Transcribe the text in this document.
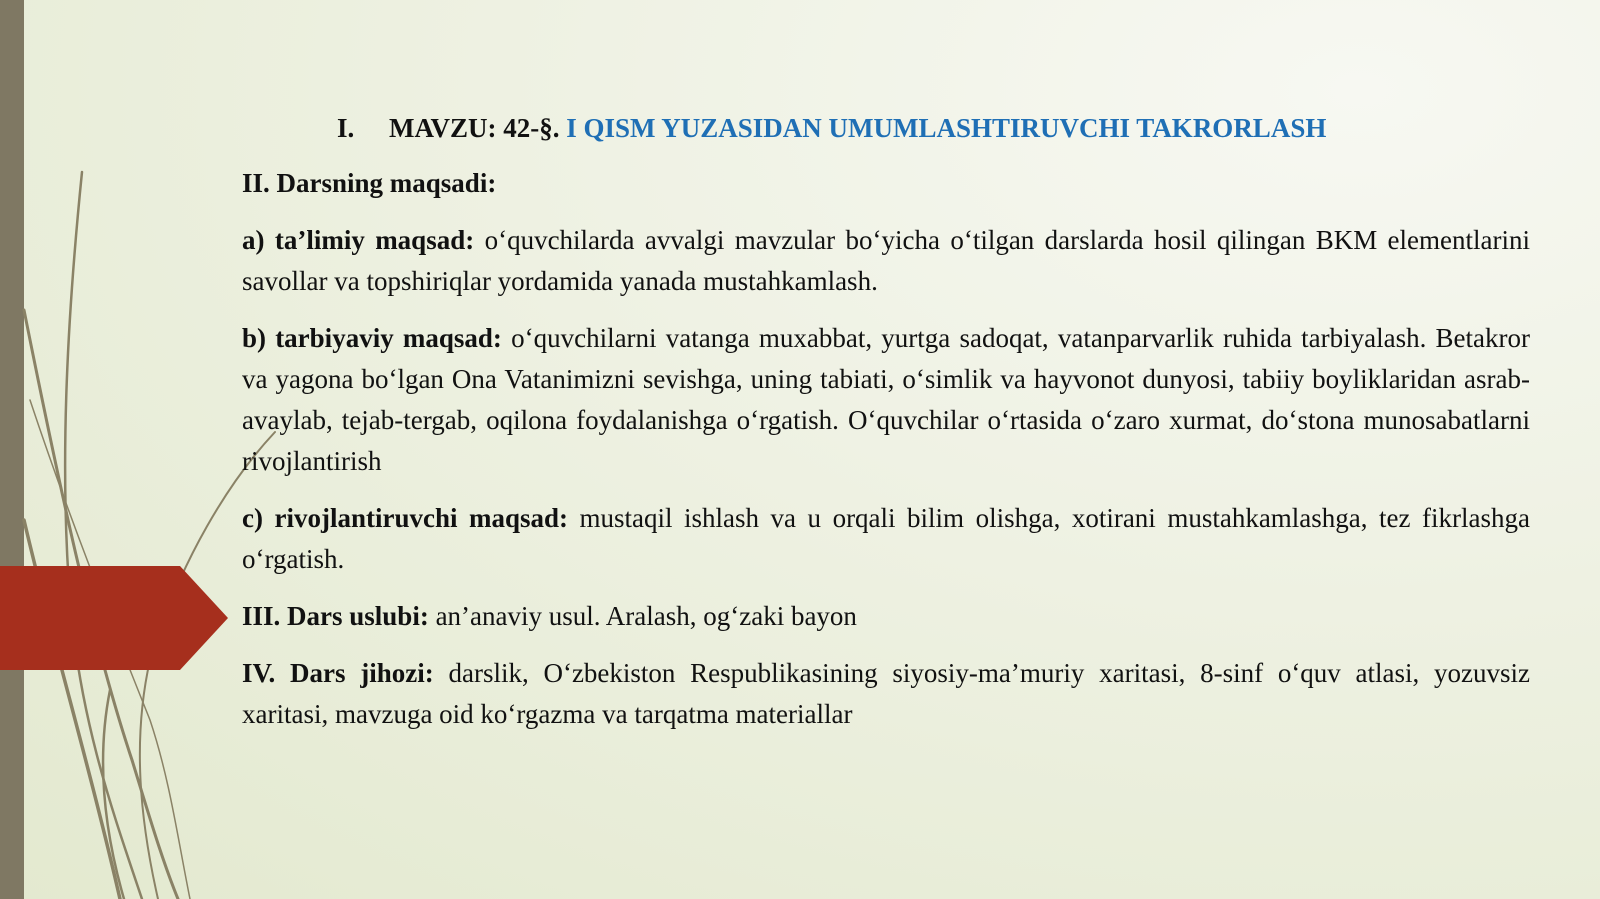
I. MAVZU: 42-§. I QISM YUZASIDAN UMUMLASHTIRUVCHI TAKRORLASH

II. Darsning maqsadi:

a) ta’limiy maqsad: o‘quvchilarda avvalgi mavzular bo‘yicha o‘tilgan darslarda hosil qilingan BKM elementlarini savollar va topshiriqlar yordamida yanada mustahkamlash.

b) tarbiyaviy maqsad: o‘quvchilarni vatanga muxabbat, yurtga sadoqat, vatanparvarlik ruhida tarbiyalash. Betakror va yagona bo‘lgan Ona Vatanimizni sevishga, uning tabiati, o‘simlik va hayvonot dunyosi, tabiiy boyliklaridan asrab-avaylab, tejab-tergab, oqilona foydalanishga o‘rgatish. O‘quvchilar o‘rtasida o‘zaro xurmat, do‘stona munosabatlarni rivojlantirish

c) rivojlantiruvchi maqsad: mustaqil ishlash va u orqali bilim olishga, xotirani mustahkamlashga, tez fikrlashga o‘rgatish.

III. Dars uslubi: an’anaviy usul. Aralash, og‘zaki bayon

IV. Dars jihozi: darslik, O‘zbekiston Respublikasining siyosiy-ma’muriy xaritasi, 8-sinf o‘quv atlasi, yozuvsiz xaritasi, mavzuga oid ko‘rgazma va tarqatma materiallar
